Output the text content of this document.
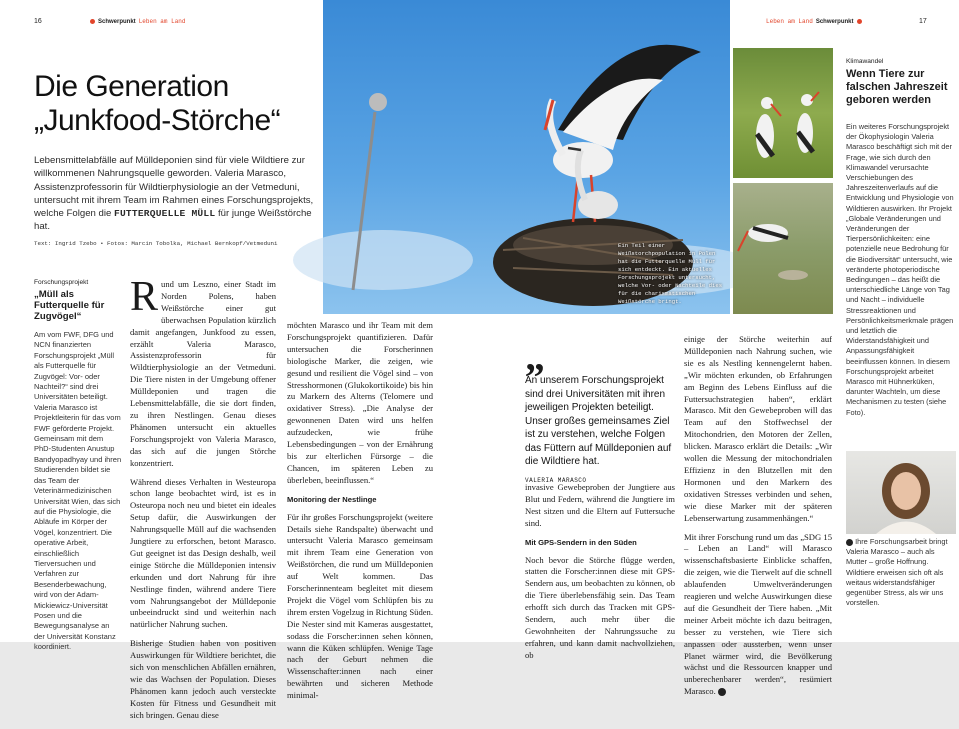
16	Schwerpunkt Leben am Land
Die Generation
„Junkfood-Störche“

Lebensmittelabfälle auf Mülldeponien sind für viele Wildtiere zur willkommenen Nahrungsquelle geworden. Valeria Marasco, Assistenzprofessorin für Wildtierphysiologie an der Vetmeduni, untersucht mit ihrem Team im Rahmen eines Forschungsprojekts, welche Folgen die FUTTERQUELLE MÜLL für junge Weißstörche hat.

Text: Ingrid Tzebo • Fotos: Marcin Tobolka, Michael Bernkopf/Vetmeduni
Forschungsprojekt
„Müll als Futterquelle für Zugvögel“
Am vom FWF, DFG und NCN finanzierten Forschungsprojekt „Müll als Futterquelle für Zugvögel: Vor- oder Nachteil?“ sind drei Universitäten beteiligt. Valeria Marasco ist Projektleiterin für das vom FWF geförderte Projekt. Gemeinsam mit dem PhD-Studenten Anustup Bandyopadhyay und ihren Studierenden bildet sie das Team der Veterinärmedizinischen Universität Wien, das sich auf die Physiologie, die Abläufe im Körper der Vögel, konzentriert. Die operative Arbeit, einschließlich Tierversuchen und Verfahren zur Besenderbewachung, wird von der Adam-Mickiewicz-Universität Posen und die Bewegungsanalyse an der Universität Konstanz koordiniert.

Rund um Leszno, einer Stadt im Norden Polens, haben Weißstörche einer gut überwachsen Population kürzlich damit angefangen, Junkfood zu essen, erzählt Valeria Marasco, Assistenzprofessorin für Wildtierphysiologie an der Vetmeduni. Die Tiere nisten in der Umgebung offener Mülldeponien und tragen die Lebensmittelabfälle, die sie dort finden, zu ihren Nestlingen. Genau dieses Phänomen untersucht ein aktuelles Forschungsprojekt von Valeria Marasco, das sich auf die jungen Störche konzentriert.

Während dieses Verhalten in Westeuropa schon lange beobachtet wird, ist es in Osteuropa noch neu und bietet ein ideales Setup dafür, die Auswirkungen der Nahrungsquelle Müll auf die wachsenden Jungtiere zu erforschen, betont Marasco. Gut geeignet ist das Design deshalb, weil einige Störche die Mülldeponien intensiv erkunden und dort Nahrung für ihre Nestlinge finden, während andere Tiere vom Nahrungsangebot der Mülldeponie unbeeindruckt sind und weiterhin nach natürlicher Nahrung suchen.

Bisherige Studien haben von positiven Auswirkungen für Wildtiere berichtet, die sich von menschlichen Abfällen ernähren, wie das Wachsen der Population. Dieses Phänomen kann jedoch auch versteckte Kosten für Fitness und Gesundheit mit sich bringen. Genau diese

möchten Marasco und ihr Team mit dem Forschungsprojekt quantifizieren. Dafür untersuchen die Forscherinnen biologische Marker, die zeigen, wie gesund und resilient die Vögel sind – von Stresshormonen (Glukokortikoide) bis hin zu Markern des Alterns (Telomere und oxidativer Stress). „Die Analyse der gewonnenen Daten wird uns helfen aufzudecken, wie frühe Lebensbedingungen – von der Ernährung bis zur elterlichen Fürsorge – die Chancen, im späteren Leben zu überleben, beeinflussen.“

Monitoring der Nestlinge

Für ihr großes Forschungsprojekt (weitere Details siehe Randspalte) überwacht und untersucht Valeria Marasco gemeinsam mit ihrem Team eine Generation von Weißstörchen, die rund um Mülldeponien auf Welt kommen. Das Forscherinnenteam begleitet mit diesem Projekt die Vögel vom Schlüpfen bis zu ihrem ersten Vogelzug in Richtung Süden. Die Nester sind mit Kameras ausgestattet, sodass die Forscher:innen sehen können, wann die Küken schlüpfen. Wenige Tage nach der Geburt nehmen die Wissenschafter:innen nach einer bewährten und sicheren Methode minimal-

Leben am Land Schwerpunkt	17
Ein Teil einer Weißstorchpopulation in Polen hat die Futterquelle Müll für sich entdeckt. Ein aktuelles Forschungsprojekt untersucht, welche Vor- oder Nachteile dies für die charismatischen Weißstörche bringt.
„
An unserem Forschungsprojekt sind drei Universitäten mit ihren jeweiligen Projekten beteiligt. Unser großes gemeinsames Ziel ist zu verstehen, welche Folgen das Füttern auf Mülldeponien auf die Wildtiere hat.
VALERIA MARASCO

invasive Gewebeproben der Jungtiere aus Blut und Federn, während die Jungtiere im Nest sitzen und die Eltern auf Futtersuche sind.

Mit GPS-Sendern in den Süden

Noch bevor die Störche flügge werden, statten die Forscher:innen diese mit GPS-Sendern aus, um beobachten zu können, ob die Tiere überlebensfähig sein. Das Team erhofft sich durch das Tracken mit GPS-Sendern, auch mehr über die Gewohnheiten der Nahrungssuche zu erfahren, und kann damit nachvollziehen, ob

einige der Störche weiterhin auf Mülldeponien nach Nahrung suchen, wie sie es als Nestling kennengelernt haben. „Wir möchten erkunden, ob Erfahrungen am Beginn des Lebens Einfluss auf die Futtersuchstrategien haben“, erklärt Marasco. Mit den Gewebeproben will das Team auf den Stoffwechsel der Mitochondrien, den Motoren der Zellen, blicken. Marasco erklärt die Details: „Wir wollen die Messung der mitochondrialen Effizienz in den Blutzellen mit den Hormonen und den Markern des oxidativen Stresses verbinden und sehen, wie diese Marker mit der späteren Lebenserwartung zusammenhängen.“

Mit ihrer Forschung rund um das „SDG 15 – Leben an Land“ will Marasco wissenschaftsbasierte Einblicke schaffen, die zeigen, wie die Tierwelt auf die schnell ablaufenden Umweltveränderungen reagieren und welche Auswirkungen diese auf die Gesundheit der Tiere haben. „Mit meiner Arbeit möchte ich dazu beitragen, besser zu verstehen, wie Tiere sich anpassen oder aussterben, wenn unser Planet wärmer wird, die Bevölkerung wächst und die Ressourcen knapper und unberechenbarer werden“, resümiert Marasco.

Klimawandel
Wenn Tiere zur falschen Jahreszeit geboren werden
Ein weiteres Forschungsprojekt der Ökophysiologin Valeria Marasco beschäftigt sich mit der Frage, wie sich durch den Klimawandel verursachte Verschiebungen des Jahreszeitenverlaufs auf die Entwicklung und Physiologie von Wildtieren auswirken. Ihr Projekt „Globale Veränderungen und Veränderungen der Tierpersönlichkeiten: eine potenzielle neue Bedrohung für die Biodiversität“ untersucht, wie veränderte photoperiodische Bedingungen – das heißt die unterschiedliche Länge von Tag und Nacht – individuelle Stressreaktionen und Persönlichkeitsmerkmale prägen und letztlich die Widerstandsfähigkeit und Anpassungsfähigkeit beeinflussen können. In diesem Forschungsprojekt arbeitet Marasco mit Hühnerküken, darunter Wachteln, um diese Mechanismen zu testen (siehe Foto).
Ihre Forschungsarbeit bringt Valeria Marasco – auch als Mutter – große Hoffnung. Wildtiere erweisen sich oft als weitaus widerstandsfähiger gegenüber Stress, als wir uns vorstellen.
